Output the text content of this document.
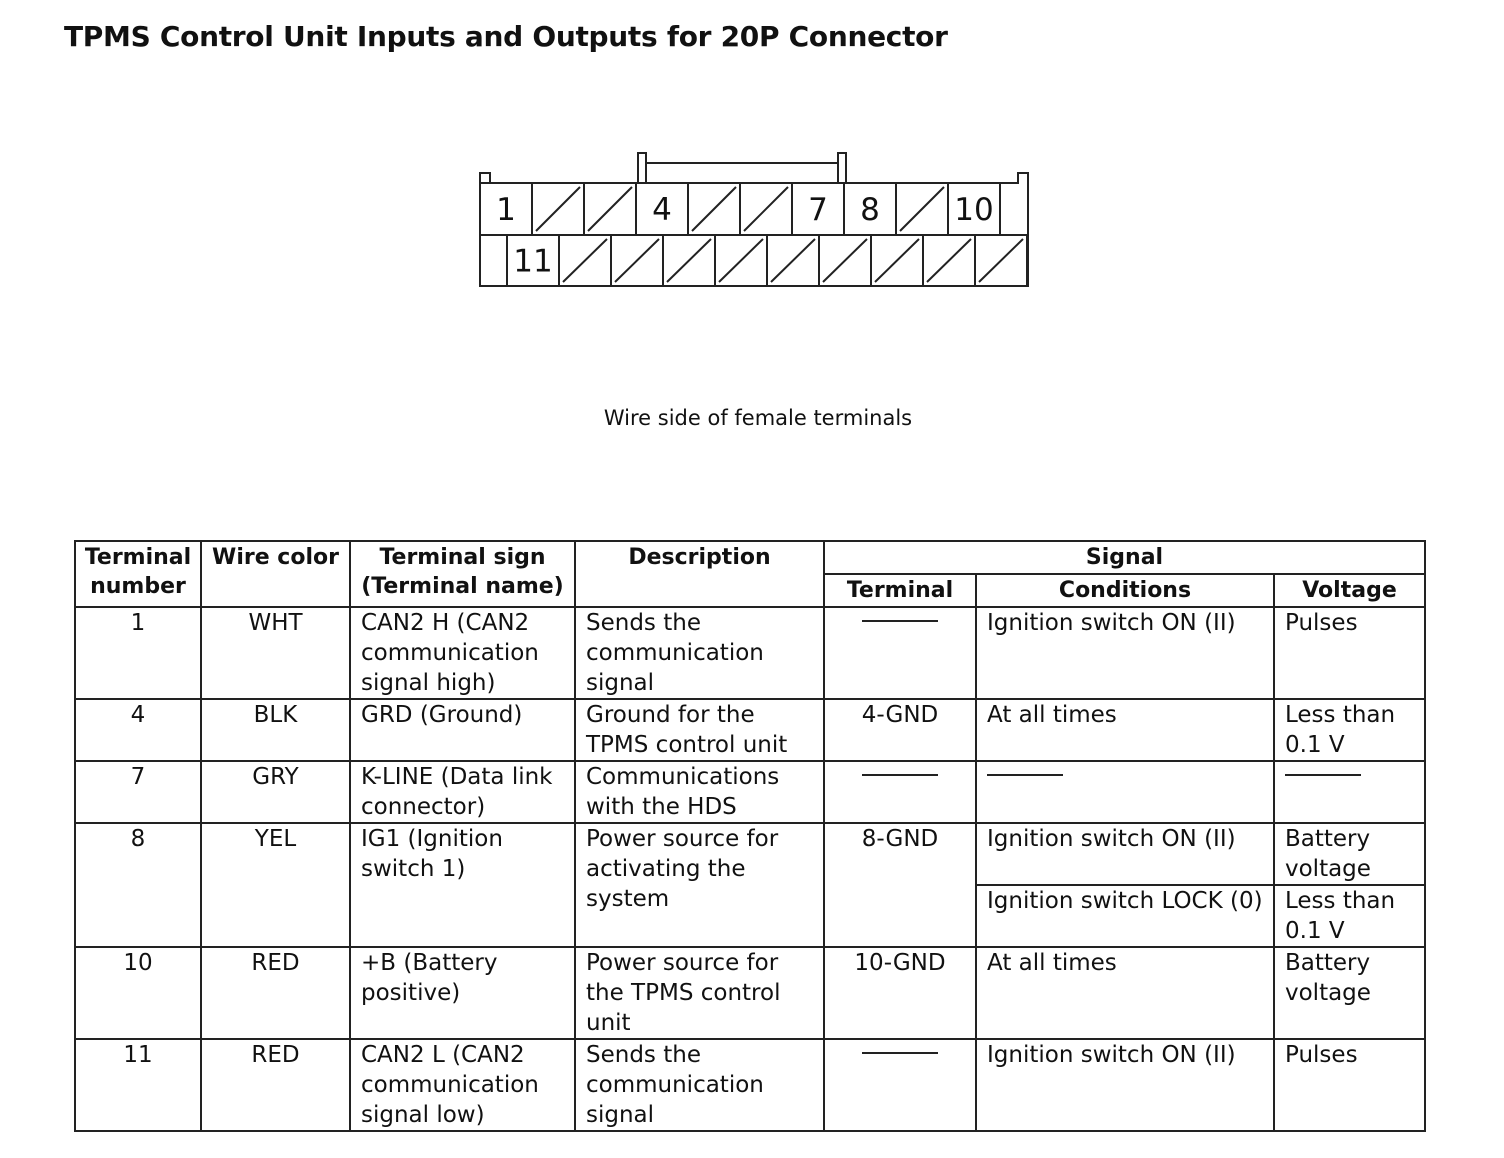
TPMS Control Unit Inputs and Outputs for 20P Connector
1	4	7 8 10
11
Wire side of female terminals
Terminal number	Wire color	Terminal sign (Terminal name)	Description	Signal		
				Terminal	Conditions	Voltage
1	WHT	CAN2 H (CAN2 communication signal high)	Sends the communication signal		Ignition switch ON (II)	Pulses
4	BLK	GRD (Ground)	Ground for the TPMS control unit	4-GND	At all times	Less than 0.1 V
7	GRY	K-LINE (Data link connector)	Communications with the HDS			
8	YEL	IG1 (Ignition switch 1)	Power source for activating the system	8-GND	Ignition switch ON (II)	Battery voltage
					Ignition switch LOCK (0)	Less than 0.1 V
10	RED	+B (Battery positive)	Power source for the TPMS control unit	10-GND	At all times	Battery voltage
11	RED	CAN2 L (CAN2 communication signal low)	Sends the communication signal		Ignition switch ON (II)	Pulses
